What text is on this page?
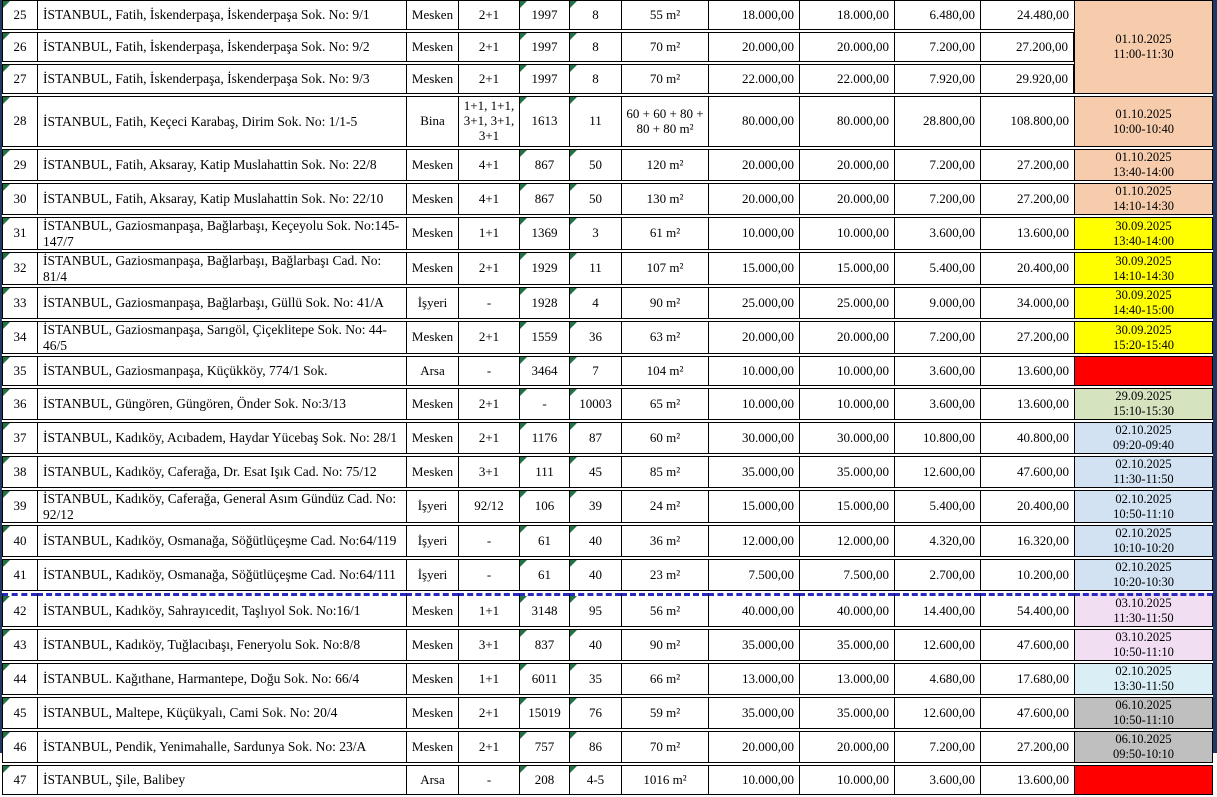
25	İSTANBUL, Fatih, İskenderpaşa, İskenderpaşa Sok. No: 9/1	Mesken	2+1	1997	8	55 m²	18.000,00	18.000,00	6.480,00	24.480,00	01.10.2025
11:00-11:30

26	İSTANBUL, Fatih, İskenderpaşa, İskenderpaşa Sok. No: 9/2	Mesken	2+1	1997	8	70 m²	20.000,00	20.000,00	7.200,00	27.200,00	
27	İSTANBUL, Fatih, İskenderpaşa, İskenderpaşa Sok. No: 9/3	Mesken	2+1	1997	8	70 m²	22.000,00	22.000,00	7.920,00	29.920,00	
28	İSTANBUL, Fatih, Keçeci Karabaş, Dirim Sok. No: 1/1-5	Bina	1+1, 1+1, 3+1, 3+1, 3+1	1613	11	60 + 60 + 80 + 80 + 80 m²	80.000,00	80.000,00	28.800,00	108.800,00	01.10.2025
10:00-10:40

29	İSTANBUL, Fatih, Aksaray, Katip Muslahattin Sok. No: 22/8	Mesken	4+1	867	50	120 m²	20.000,00	20.000,00	7.200,00	27.200,00	01.10.2025
13:40-14:00

30	İSTANBUL, Fatih, Aksaray, Katip Muslahattin Sok. No: 22/10	Mesken	4+1	867	50	130 m²	20.000,00	20.000,00	7.200,00	27.200,00	01.10.2025
14:10-14:30

31	İSTANBUL, Gaziosmanpaşa, Bağlarbaşı, Keçeyolu Sok. No:145-147/7	Mesken	1+1	1369	3	61 m²	10.000,00	10.000,00	3.600,00	13.600,00	30.09.2025
13:40-14:00

32	İSTANBUL, Gaziosmanpaşa, Bağlarbaşı, Bağlarbaşı Cad. No: 81/4	Mesken	2+1	1929	11	107 m²	15.000,00	15.000,00	5.400,00	20.400,00	30.09.2025
14:10-14:30

33	İSTANBUL, Gaziosmanpaşa, Bağlarbaşı, Güllü Sok. No: 41/A	İşyeri	-	1928	4	90 m²	25.000,00	25.000,00	9.000,00	34.000,00	30.09.2025
14:40-15:00

34	İSTANBUL, Gaziosmanpaşa, Sarıgöl, Çiçeklitepe Sok. No: 44-46/5	Mesken	2+1	1559	36	63 m²	20.000,00	20.000,00	7.200,00	27.200,00	30.09.2025
15:20-15:40

35	İSTANBUL, Gaziosmanpaşa, Küçükköy, 774/1 Sok.	Arsa	-	3464	7	104 m²	10.000,00	10.000,00	3.600,00	13.600,00	

36	İSTANBUL, Güngören, Güngören, Önder Sok. No:3/13	Mesken	2+1	-	10003	65 m²	10.000,00	10.000,00	3.600,00	13.600,00	29.09.2025
15:10-15:30

37	İSTANBUL, Kadıköy, Acıbadem, Haydar Yücebaş Sok. No: 28/1	Mesken	2+1	1176	87	60 m²	30.000,00	30.000,00	10.800,00	40.800,00	02.10.2025
09:20-09:40

38	İSTANBUL, Kadıköy, Caferağa, Dr. Esat Işık Cad. No: 75/12	Mesken	3+1	111	45	85 m²	35.000,00	35.000,00	12.600,00	47.600,00	02.10.2025
11:30-11:50

39	İSTANBUL, Kadıköy, Caferağa, General Asım Gündüz Cad. No: 92/12	İşyeri	92/12	106	39	24 m²	15.000,00	15.000,00	5.400,00	20.400,00	02.10.2025
10:50-11:10

40	İSTANBUL, Kadıköy, Osmanağa, Söğütlüçeşme Cad. No:64/119	İşyeri	-	61	40	36 m²	12.000,00	12.000,00	4.320,00	16.320,00	02.10.2025
10:10-10:20

41	İSTANBUL, Kadıköy, Osmanağa, Söğütlüçeşme Cad. No:64/111	İşyeri	-	61	40	23 m²	7.500,00	7.500,00	2.700,00	10.200,00	02.10.2025
10:20-10:30

42	İSTANBUL, Kadıköy, Sahrayıcedit, Taşlıyol Sok. No:16/1	Mesken	1+1	3148	95	56 m²	40.000,00	40.000,00	14.400,00	54.400,00	03.10.2025
11:30-11:50

43	İSTANBUL, Kadıköy, Tuğlacıbaşı, Feneryolu Sok. No:8/8	Mesken	3+1	837	40	90 m²	35.000,00	35.000,00	12.600,00	47.600,00	03.10.2025
10:50-11:10

44	İSTANBUL. Kağıthane, Harmantepe, Doğu Sok. No: 66/4	Mesken	1+1	6011	35	66 m²	13.000,00	13.000,00	4.680,00	17.680,00	02.10.2025
13:30-11:50

45	İSTANBUL, Maltepe, Küçükyalı, Cami Sok. No: 20/4	Mesken	2+1	15019	76	59 m²	35.000,00	35.000,00	12.600,00	47.600,00	06.10.2025
10:50-11:10

46	İSTANBUL, Pendik, Yenimahalle, Sardunya Sok. No: 23/A	Mesken	2+1	757	86	70 m²	20.000,00	20.000,00	7.200,00	27.200,00	06.10.2025
09:50-10:10

47	İSTANBUL, Şile, Balibey	Arsa	-	208	4-5	1016 m²	10.000,00	10.000,00	3.600,00	13.600,00	
